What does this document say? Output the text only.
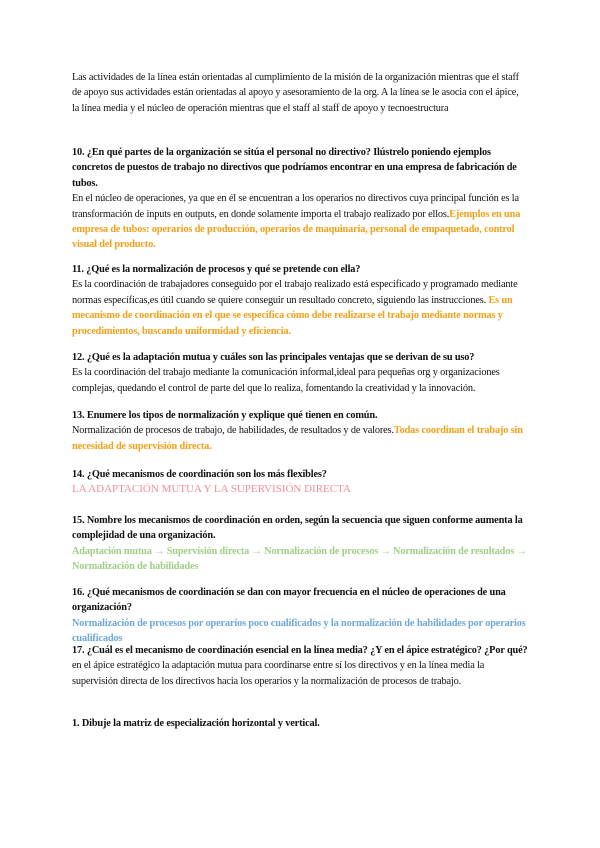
Las actividades de la línea están orientadas al cumplimiento de la misión de la organización mientras que el staff de apoyo sus actividades están orientadas al apoyo y asesoramiento de la org. A la línea se le asocia con el ápice, la línea media y el núcleo de operación mientras que el staff al staff de apoyo y tecnoestructura
10. ¿En qué partes de la organización se sitúa el personal no directivo? Ilústrelo poniendo ejemplos concretos de puestos de trabajo no directivos que podríamos encontrar en una empresa de fabricación de tubos.
En el núcleo de operaciones, ya que en él se encuentran a los operarios no directivos cuya principal función es la transformación de inputs en outputs, en donde solamente importa el trabajo realizado por ellos.Ejemplos en una empresa de tubos: operarios de producción, operarios de maquinaria, personal de empaquetado, control visual del producto.
11. ¿Qué es la normalización de procesos y qué se pretende con ella?
Es la coordinación de trabajadores conseguido por el trabajo realizado está especificado y programado mediante normas específicas,es útil cuando se quiere conseguir un resultado concreto, siguiendo las instrucciones. Es un mecanismo de coordinación en el que se especifica cómo debe realizarse el trabajo mediante normas y procedimientos, buscando uniformidad y eficiencia.
12. ¿Qué es la adaptación mutua y cuáles son las principales ventajas que se derivan de su uso?
Es la coordinación del trabajo mediante la comunicación informal,ideal para pequeñas org y organizaciones complejas, quedando el control de parte del que lo realiza, fomentando la creatividad y la innovación.
13. Enumere los tipos de normalización y explique qué tienen en común.
Normalización de procesos de trabajo, de habilidades, de resultados y de valores.Todas coordinan el trabajo sin necesidad de supervisión directa.
14. ¿Qué mecanismos de coordinación son los más flexibles?
LA ADAPTACIÓN MUTUA Y LA SUPERVISIÓN DIRECTA
15. Nombre los mecanismos de coordinación en orden, según la secuencia que siguen conforme aumenta la complejidad de una organización.
Adaptación mutua → Supervisión directa → Normalización de procesos → Normalización de resultados → Normalización de habilidades
16. ¿Qué mecanismos de coordinación se dan con mayor frecuencia en el núcleo de operaciones de una organización?
Normalización de procesos por operarios poco cualificados y la normalización de habilidades por operarios cualificados
17. ¿Cuál es el mecanismo de coordinación esencial en la línea media? ¿Y en el ápice estratégico? ¿Por qué?
en el ápice estratégico la adaptación mutua para coordinarse entre sí los directivos y en la línea media la supervisión directa de los directivos hacia los operarios y la normalización de procesos de trabajo.
1. Dibuje la matriz de especialización horizontal y vertical.
